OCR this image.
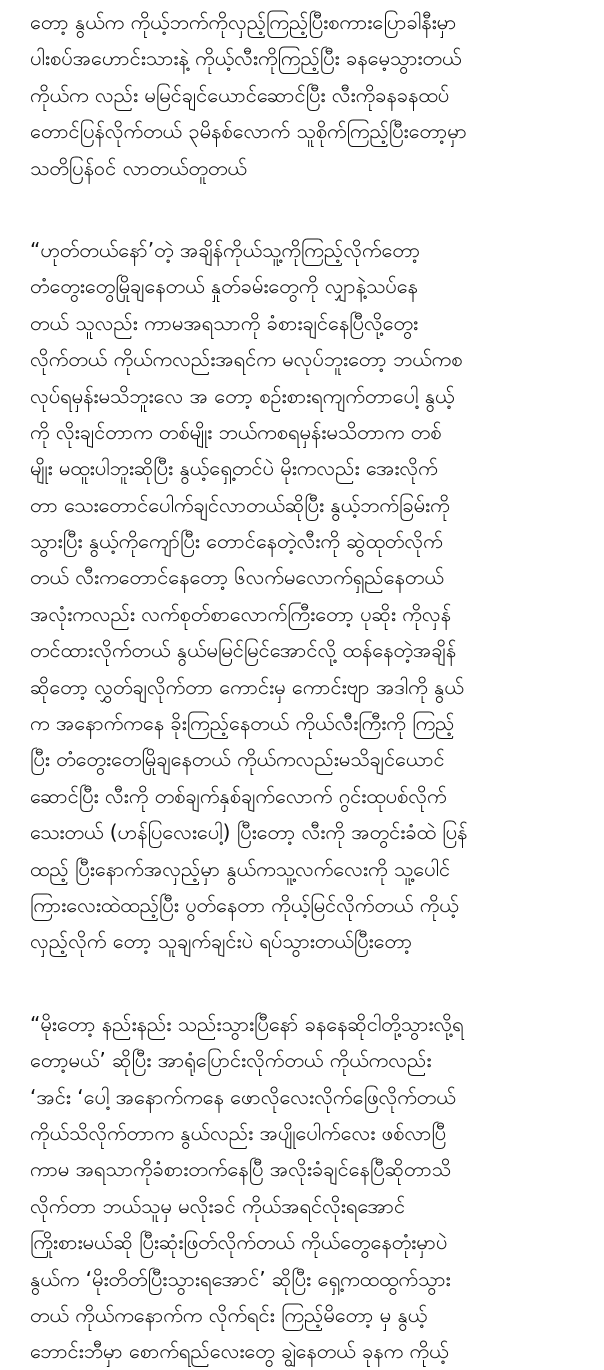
တော့ နွယ်က ကိုယ့်ဘက်ကိုလှည့်ကြည့်ပြီးစကားပြောခါနီးမှာ
ပါးစပ်အဟောင်းသားနဲ့ ကိုယ့်လီးကိုကြည့်ပြီး ခနမေ့သွားတယ်
ကိုယ်က လည်း မမြင်ချင်ယောင်ဆောင်ပြီး လီးကိုခနခနထပ်
တောင်ပြန်လိုက်တယ် ၃မိနစ်လောက် သူစိုက်ကြည့်ပြီးတော့မှာ
သတိပြန်ဝင် လာတယ်တူတယ်
“ဟုတ်တယ်နော်’တဲ့ အချိန်ကိုယ်သူ့ကိုကြည့်လိုက်တော့
တံတွေးတွေမြိုချနေတယ် နှုတ်ခမ်းတွေကို လျှာနဲ့သပ်နေ
တယ် သူလည်း ကာမအရသာကို ခံစားချင်နေပြီလို့တွေး
လိုက်တယ် ကိုယ်ကလည်းအရင်က မလုပ်ဘူးတော့ ဘယ်ကစ
လုပ်ရမှန်းမသိဘူးလေ အ တော့ စဉ်းစားရကျက်တာပေါ့ နွယ့်
ကို လိုးချင်တာက တစ်မျိုး ဘယ်ကစရမှန်းမသိတာက တစ်
မျိုး မထူးပါဘူးဆိုပြီး နွယ့်ရှေ့တင်ပဲ မိုးကလည်း အေးလိုက်
တာ သေးတောင်ပေါက်ချင်လာတယ်ဆိုပြီး နွယ့်ဘက်ခြမ်းကို
သွားပြီး နွယ့်ကိုကျော်ပြီး တောင်နေတဲ့လီးကို ဆွဲထုတ်လိုက်
တယ် လီးကတောင်နေတော့ ၆လက်မလောက်ရှည်နေတယ်
အလုံးကလည်း လက်စုတ်စာလောက်ကြီးတော့ ပုဆိုး ကိုလှန်
တင်ထားလိုက်တယ် နွယ်မမြင်မြင်အောင်လို့ ထန်နေတဲ့အချိန်
ဆိုတော့ လွှတ်ချလိုက်တာ ကောင်းမှ ကောင်းဗျာ အဒါကို နွယ်
က အနောက်ကနေ ခိုးကြည့်နေတယ် ကိုယ်လီးကြီးကို ကြည့်
ပြီး တံတွေးတေမြိုချနေတယ် ကိုယ်ကလည်းမသိချင်ယောင်
ဆောင်ပြီး လီးကို တစ်ချက်နှစ်ချက်လောက် ဂွင်းထုပစ်လိုက်
သေးတယ် (ဟန်ပြလေးပေါ့) ပြီးတော့ လီးကို အတွင်းခံထဲ ပြန်
ထည့် ပြီးနောက်အလှည့်မှာ နွယ်ကသူ့လက်လေးကို သူ့ပေါင်
ကြားလေးထဲထည့်ပြီး ပွတ်နေတာ ကိုယ့်မြင်လိုက်တယ် ကိုယ့်
လှည့်လိုက် တော့ သူချက်ချင်းပဲ ရပ်သွားတယ်ပြီးတော့
“မိုးတော့ နည်းနည်း သည်းသွားပြီနော် ခနနေဆိုငါတို့သွားလို့ရ
တော့မယ်’ ဆိုပြီး အာရုံပြောင်းလိုက်တယ် ကိုယ်ကလည်း
‘အင်း ‘ပေါ့ အနောက်ကနေ ဖောလိုလေးလိုက်ဖြေလိုက်တယ်
ကိုယ်သိလိုက်တာက နွယ်လည်း အပျိုပေါက်လေး ဖစ်လာပြီ
ကာမ အရသာကိုခံစားတက်နေပြီ အလိုးခံချင်နေပြီဆိုတာသိ
လိုက်တာ ဘယ်သူမှ မလိုးခင် ကိုယ်အရင်လိုးရအောင်
ကြိုးစားမယ်ဆို ပြီးဆုံးဖြတ်လိုက်တယ် ကိုယ်တွေနေတုံးမှာပဲ
နွယ်က ‘မိုးတိတ်ပြီးသွားရအောင်’ ဆိုပြီး ရှေ့ကထထွက်သွား
တယ် ကိုယ်ကနောက်က လိုက်ရင်း ကြည့်မိတော့ မှ နွယ့်
ဘောင်းဘီမှာ စောက်ရည်လေးတွေ ချွဲနေတယ် ခုနက ကိုယ့်
